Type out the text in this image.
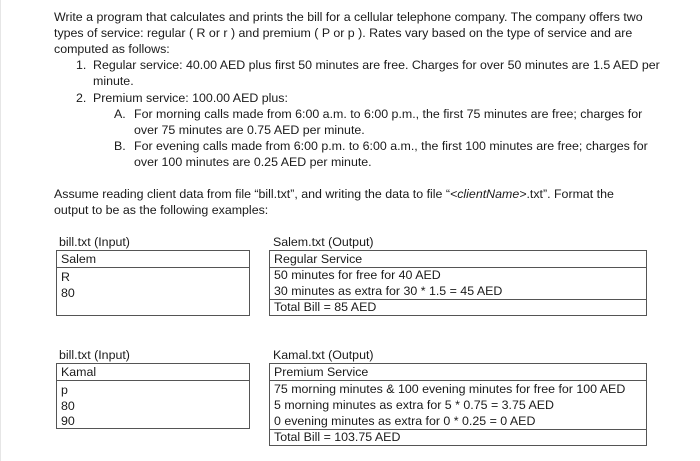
Write a program that calculates and prints the bill for a cellular telephone company. The company offers two
types of service: regular ( R or r ) and premium ( P or p ). Rates vary based on the type of service and are
computed as follows:
1. Regular service: 40.00 AED plus first 50 minutes are free. Charges for over 50 minutes are 1.5 AED per
minute.
2. Premium service: 100.00 AED plus:
A. For morning calls made from 6:00 a.m. to 6:00 p.m., the first 75 minutes are free; charges for
over 75 minutes are 0.75 AED per minute.
B. For evening calls made from 6:00 p.m. to 6:00 a.m., the first 100 minutes are free; charges for
over 100 minutes are 0.25 AED per minute.
Assume reading client data from file “bill.txt”, and writing the data to file “<clientName>.txt”. Format the
output to be as the following examples:
bill.txt (Input)
Salem
R
80
Salem.txt (Output)
Regular Service
50 minutes for free for 40 AED
30 minutes as extra for 30 * 1.5 = 45 AED
Total Bill = 85 AED
bill.txt (Input)
Kamal
p
80
90
Kamal.txt (Output)
Premium Service
75 morning minutes & 100 evening minutes for free for 100 AED
5 morning minutes as extra for 5 * 0.75 = 3.75 AED
0 evening minutes as extra for 0 * 0.25 = 0 AED
Total Bill = 103.75 AED
